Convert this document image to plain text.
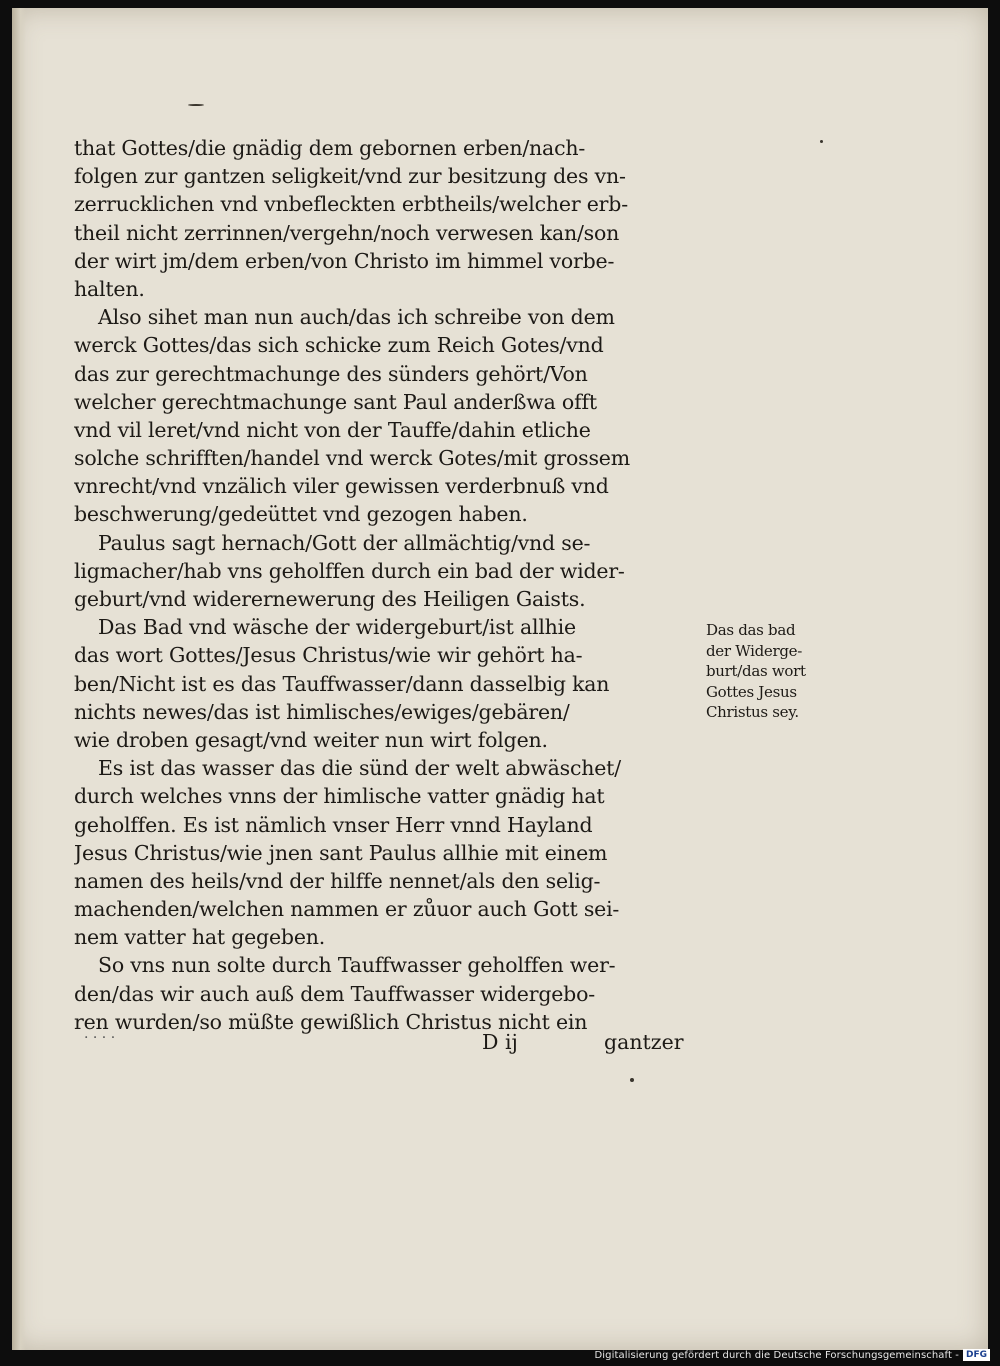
that Gottes/die gnädig dem gebornen erben/nach-
folgen zur gantzen seligkeit/vnd zur besitzung des vn-
zerrucklichen vnd vnbefleckten erbtheils/welcher erb-
theil nicht zerrinnen/vergehn/noch verwesen kan/son
der wirt jm/dem erben/von Christo im himmel vorbe-
halten.
Also sihet man nun auch/das ich schreibe von dem
werck Gottes/das sich schicke zum Reich Gotes/vnd
das zur gerechtmachunge des sünders gehört/Von
welcher gerechtmachunge sant Paul anderßwa offt
vnd vil leret/vnd nicht von der Tauffe/dahin etliche
solche schrifften/handel vnd werck Gotes/mit grossem
vnrecht/vnd vnzälich viler gewissen verderbnuß vnd
beschwerung/gedeüttet vnd gezogen haben.
Paulus sagt hernach/Gott der allmächtig/vnd se-
ligmacher/hab vns geholffen durch ein bad der wider-
geburt/vnd widerernewerung des Heiligen Gaists.
Das Bad vnd wäsche der widergeburt/ist allhie
das wort Gottes/Jesus Christus/wie wir gehört ha-
ben/Nicht ist es das Tauffwasser/dann dasselbig kan
nichts newes/das ist himlisches/ewiges/gebären/
wie droben gesagt/vnd weiter nun wirt folgen.
Es ist das wasser das die sünd der welt abwäschet/
durch welches vnns der himlische vatter gnädig hat
geholffen. Es ist nämlich vnser Herr vnnd Hayland
Jesus Christus/wie jnen sant Paulus allhie mit einem
namen des heils/vnd der hilffe nennet/als den selig-
machenden/welchen nammen er zůuor auch Gott sei-
nem vatter hat gegeben.
So vns nun solte durch Tauffwasser geholffen wer-
den/das wir auch auß dem Tauffwasser widergebo-
ren wurden/so müßte gewißlich Christus nicht ein
Das das bad
der Widerge-
burt/das wort
Gottes Jesus
Christus sey.
· · · ·	D ij	gantzer
Digitalisierung gefördert durch die Deutsche Forschungsgemeinschaft - DFG
